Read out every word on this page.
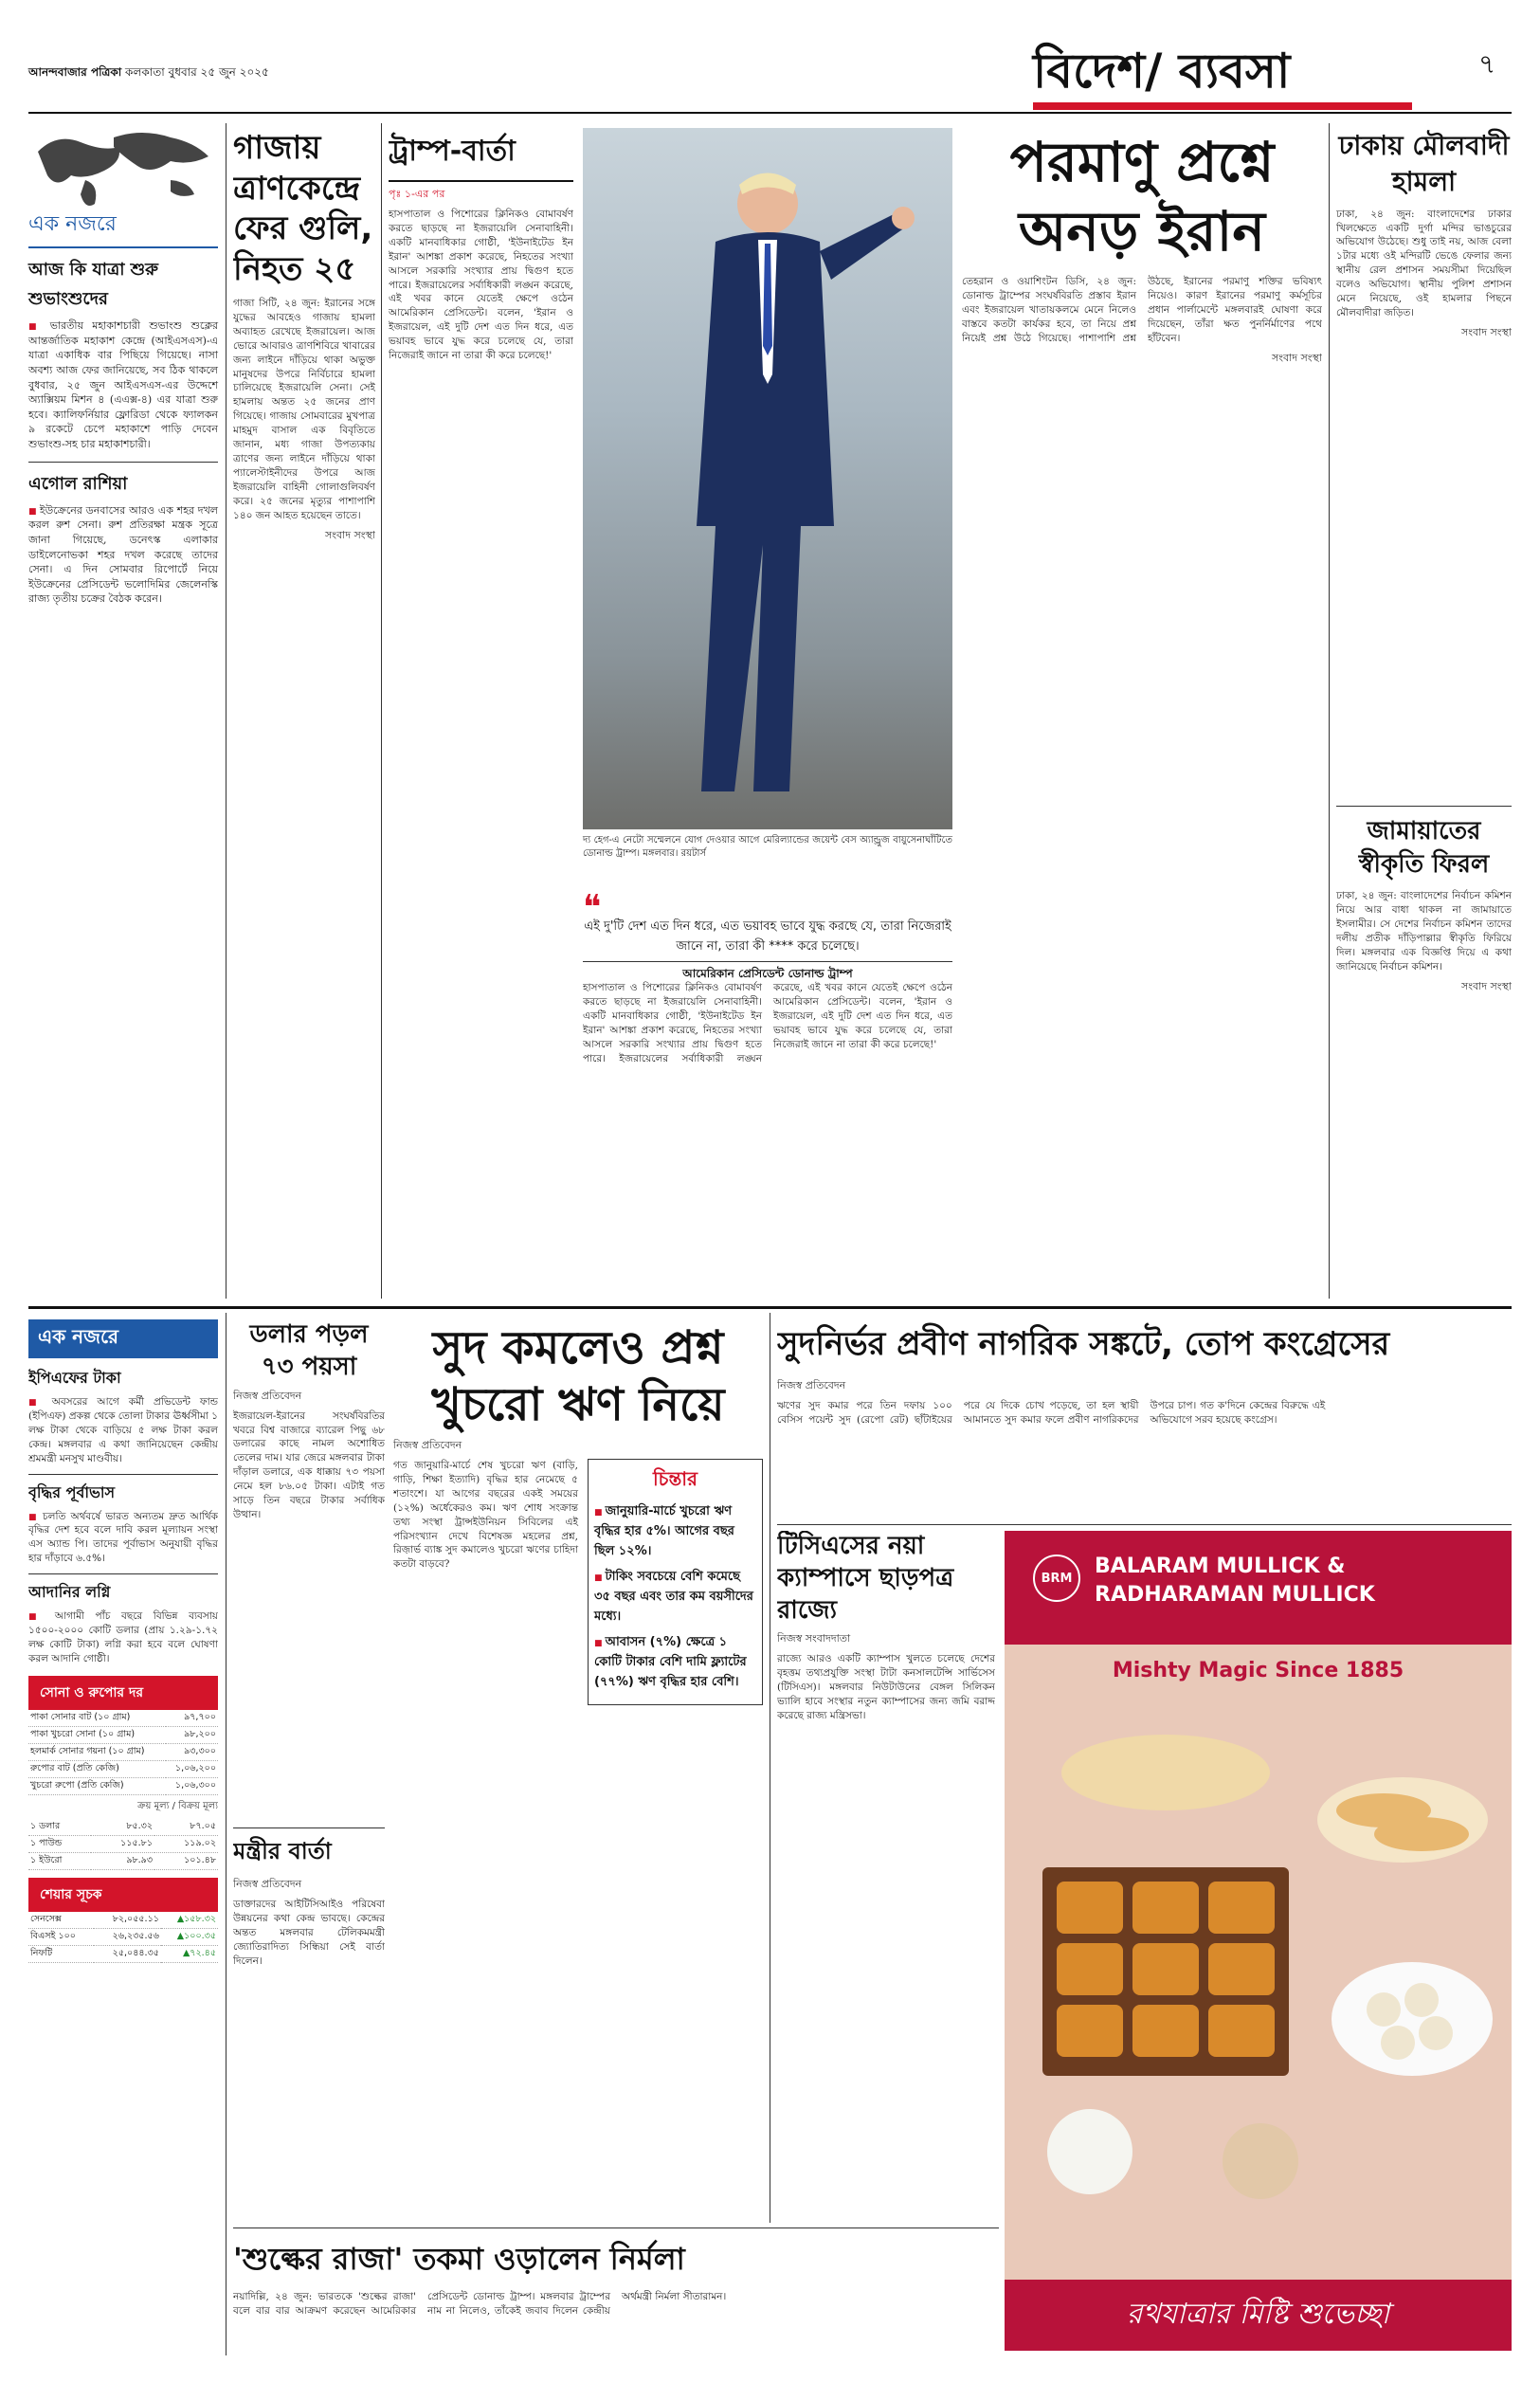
আনন্দবাজার পত্রিকা কলকাতা বুধবার ২৫ জুন ২০২৫	বিদেশ/ ব্যবসা	৭
এক নজরে
আজ কি যাত্রা শুরু শুভাংশুদের
■ ভারতীয় মহাকাশচারী শুভাংশু শুক্লের আন্তর্জাতিক মহাকাশ কেন্দ্রে (আইএসএস)-এ যাত্রা একাধিক বার পিছিয়ে গিয়েছে। নাসা অবশ্য আজ ফের জানিয়েছে, সব ঠিক থাকলে বুধবার, ২৫ জুন আইএসএস-এর উদ্দেশে অ্যাক্সিয়ম মিশন ৪ (এএক্স-৪) এর যাত্রা শুরু হবে। ক্যালিফর্নিয়ার ফ্লোরিডা থেকে ফ্যালকন ৯ রকেটে চেপে মহাকাশে পাড়ি দেবেন শুভাংশু-সহ চার মহাকাশচারী।
এগোল রাশিয়া
■ ইউক্রেনের ডনবাসের আরও এক শহর দখল করল রুশ সেনা। রুশ প্রতিরক্ষা মন্ত্রক সূত্রে জানা গিয়েছে, ডনেৎস্ক এলাকার ডাইলেনোভকা শহর দখল করেছে তাদের সেনা। এ দিন সোমবার রিপোর্টে নিয়ে ইউক্রেনের প্রেসিডেন্ট ভলোদিমির জেলেনস্কি রাজ্য তৃতীয় চক্রের বৈঠক করেন।
গাজায় ত্রাণকেন্দ্রে ফের গুলি, নিহত ২৫
গাজা সিটি, ২৪ জুন: ইরানের সঙ্গে যুদ্ধের আবহেও গাজায় হামলা অব্যাহত রেখেছে ইজরায়েল। আজ ভোরে আবারও ত্রাণশিবিরে খাবারের জন্য লাইনে দাঁড়িয়ে থাকা অভুক্ত মানুষদের উপরে নির্বিচারে হামলা চালিয়েছে ইজরায়েলি সেনা। সেই হামলায় অন্তত ২৫ জনের প্রাণ গিয়েছে। গাজায় সোমবারের মুখপাত্র মাহমুদ বাসাল এক বিবৃতিতে জানান, মধ্য গাজা উপত্যকায় ত্রাণের জন্য লাইনে দাঁড়িয়ে থাকা প্যালেস্টাইনীদের উপরে আজ ইজরায়েলি বাহিনী গোলাগুলিবর্ষণ করে। ২৫ জনের মৃত্যুর পাশাপাশি ১৪০ জন আহত হয়েছেন তাতে।
সংবাদ সংস্থা
ট্রাম্প-বার্তা
পৃঃ ১-এর পর
হাসপাতাল ও পিশোরের ক্লিনিকও বোমাবর্ষণ করতে ছাড়ছে না ইজরায়েলি সেনাবাহিনী। একটি মানবাধিকার গোষ্ঠী, 'ইউনাইটেড ইন ইরান' আশঙ্কা প্রকাশ করেছে, নিহতের সংখ্যা আসলে সরকারি সংখ্যার প্রায় দ্বিগুণ হতে পারে। ইজরায়েলের সর্বাধিকারী লঙ্ঘন করেছে, এই খবর কানে যেতেই ক্ষেপে ওঠেন আমেরিকান প্রেসিডেন্ট। বলেন, 'ইরান ও ইজরায়েল, এই দুটি দেশ এত দিন ধরে, এত ভয়াবহ ভাবে যুদ্ধ করে চলেছে যে, তারা নিজেরাই জানে না তারা কী করে চলেছে!'
দ্য হেগ-এ নেটো সম্মেলনে যোগ দেওয়ার আগে মেরিল্যান্ডের জয়েন্ট বেস অ্যান্ড্রুজ বায়ুসেনাঘাঁটিতে ডোনাল্ড ট্রাম্প। মঙ্গলবার। রয়টার্স
❝
এই দু'টি দেশ এত দিন ধরে, এত ভয়াবহ ভাবে যুদ্ধ করছে যে, তারা নিজেরাই জানে না, তারা কী **** করে চলেছে।
আমেরিকান প্রেসিডেন্ট ডোনাল্ড ট্রাম্প
হাসপাতাল ও পিশোরের ক্লিনিকও বোমাবর্ষণ করতে ছাড়ছে না ইজরায়েলি সেনাবাহিনী। একটি মানবাধিকার গোষ্ঠী, 'ইউনাইটেড ইন ইরান' আশঙ্কা প্রকাশ করেছে, নিহতের সংখ্যা আসলে সরকারি সংখ্যার প্রায় দ্বিগুণ হতে পারে। ইজরায়েলের সর্বাধিকারী লঙ্ঘন করেছে, এই খবর কানে যেতেই ক্ষেপে ওঠেন আমেরিকান প্রেসিডেন্ট। বলেন, 'ইরান ও ইজরায়েল, এই দুটি দেশ এত দিন ধরে, এত ভয়াবহ ভাবে যুদ্ধ করে চলেছে যে, তারা নিজেরাই জানে না তারা কী করে চলেছে!'
পরমাণু প্রশ্নে অনড় ইরান
তেহরান ও ওয়াশিংটন ডিসি, ২৪ জুন: ডোনাল্ড ট্রাম্পের সংঘর্ষবিরতি প্রস্তাব ইরান এবং ইজরায়েল খাতায়কলমে মেনে নিলেও বাস্তবে কতটা কার্যকর হবে, তা নিয়ে প্রশ্ন নিয়েই প্রশ্ন উঠে গিয়েছে। পাশাপাশি প্রশ্ন উঠছে, ইরানের পরমাণু শক্তির ভবিষ্যৎ নিয়েও। কারণ ইরানের পরমাণু কর্মসূচির প্রধান পার্লামেন্টে মঙ্গলবারই ঘোষণা করে দিয়েছেন, তাঁরা ক্ষত পুনর্নির্মাণের পথে হাঁটবেন।
সংবাদ সংস্থা
ঢাকায় মৌলবাদী হামলা
ঢাকা, ২৪ জুন: বাংলাদেশের ঢাকার খিলক্ষেতে একটি দুর্গা মন্দির ভাঙচুরের অভিযোগ উঠেছে। শুধু তাই নয়, আজ বেলা ১টার মধ্যে ওই মন্দিরটি ভেঙে ফেলার জন্য স্থানীয় রেল প্রশাসন সময়সীমা দিয়েছিল বলেও অভিযোগ। স্থানীয় পুলিশ প্রশাসন মেনে নিয়েছে, ওই হামলার পিছনে মৌলবাদীরা জড়িত।
সংবাদ সংস্থা
জামায়াতের স্বীকৃতি ফিরল
ঢাকা, ২৪ জুন: বাংলাদেশের নির্বাচন কমিশন নিয়ে আর বাধা থাকল না জামায়াতে ইসলামীর। সে দেশের নির্বাচন কমিশন তাদের দলীয় প্রতীক দাঁড়িপাল্লার স্বীকৃতি ফিরিয়ে দিল। মঙ্গলবার এক বিজ্ঞপ্তি দিয়ে এ কথা জানিয়েছে নির্বাচন কমিশন।
সংবাদ সংস্থা
এক নজরে
ইপিএফের টাকা
■ অবসরের আগে কর্মী প্রভিডেন্ট ফান্ড (ইপিএফ) প্রকল্প থেকে তোলা টাকার ঊর্ধ্বসীমা ১ লক্ষ টাকা থেকে বাড়িয়ে ৫ লক্ষ টাকা করল কেন্দ্র। মঙ্গলবার এ কথা জানিয়েছেন কেন্দ্রীয় শ্রমমন্ত্রী মনসুখ মাণ্ডবীয়।
বৃদ্ধির পূর্বাভাস
■ চলতি অর্থবর্ষে ভারত অন্যতম দ্রুত আর্থিক বৃদ্ধির দেশ হবে বলে দাবি করল মূল্যায়ন সংস্থা এস অ্যান্ড পি। তাদের পূর্বাভাস অনুযায়ী বৃদ্ধির হার দাঁড়াবে ৬.৫%।
আদানির লগ্নি
■ আগামী পাঁচ বছরে বিভিন্ন ব্যবসায় ১৫০০-২০০০ কোটি ডলার (প্রায় ১.২৯-১.৭২ লক্ষ কোটি টাকা) লগ্নি করা হবে বলে ঘোষণা করল আদানি গোষ্ঠী।
সোনা ও রুপোর দর
পাকা সোনার বাট (১০ গ্রাম)	৯৭,৭০০
পাকা খুচরো সোনা (১০ গ্রাম)	৯৮,২০০
হলমার্ক সোনার গয়না (১০ গ্রাম)	৯৩,৩০০
রুপোর বাট (প্রতি কেজি)	১,০৬,২০০
খুচরো রুপো (প্রতি কেজি)	১,০৬,৩০০
ক্রয় মূল্য / বিক্রয় মূল্য
১ ডলার	৮৫.৩২	৮৭.০৫
১ পাউন্ড	১১৫.৮১	১১৯.০২
১ ইউরো	৯৮.৯৩	১০১.৪৮
শেয়ার সূচক
সেনসেক্স	৮২,০৫৫.১১	▲১৫৮.৩২
বিএসই ১০০	২৬,২৩৫.৫৬	▲১০০.৩৫
নিফটি	২৫,০৪৪.৩৫	▲৭২.৪৫
ডলার পড়ল ৭৩ পয়সা
নিজস্ব প্রতিবেদন
ইজরায়েল-ইরানের সংঘর্ষবিরতির খবরে বিশ্ব বাজারে ব্যারেল পিছু ৬৮ ডলারের কাছে নামল অশোধিত তেলের দাম। যার জেরে মঙ্গলবার টাকা দাঁড়াল ডলারে, এক ধাক্কায় ৭৩ পয়সা নেমে হল ৮৬.০৫ টাকা। এটাই গত সাড়ে তিন বছরে টাকার সর্বাধিক উত্থান।
মন্ত্রীর বার্তা
নিজস্ব প্রতিবেদন
ডাক্তারদের আইটিসিআইও পরিষেবা উন্নয়নের কথা কেন্দ্র ভাবছে। কেন্দ্রের অন্তত মঙ্গলবার টেলিকমমন্ত্রী জ্যোতিরাদিত্য সিন্ধিয়া সেই বার্তা দিলেন।
সুদ কমলেও প্রশ্ন খুচরো ঋণ নিয়ে
নিজস্ব প্রতিবেদন
গত জানুয়ারি-মার্চে শেষ খুচরো ঋণ (বাড়ি, গাড়ি, শিক্ষা ইত্যাদি) বৃদ্ধির হার নেমেছে ৫ শতাংশে। যা আগের বছরের একই সময়ের (১২%) অর্ধেকেরও কম। ঋণ শোধ সংক্রান্ত তথ্য সংস্থা ট্রান্সইউনিয়ন সিবিলের এই পরিসংখ্যান দেখে বিশেষজ্ঞ মহলের প্রশ্ন, রিজ়ার্ভ ব্যাঙ্ক সুদ কমালেও খুচরো ঋণের চাহিদা কতটা বাড়বে?
চিন্তার
■ জানুয়ারি-মার্চে খুচরো ঋণ বৃদ্ধির হার ৫%। আগের বছর ছিল ১২%।
■ টাকিং সবচেয়ে বেশি কমেছে ৩৫ বছর এবং তার কম বয়সীদের মধ্যে।
■ আবাসন (৭%) ক্ষেত্রে ১ কোটি টাকার বেশি দামি ফ্ল্যাটের (৭৭%) ঋণ বৃদ্ধির হার বেশি।
সুদনির্ভর প্রবীণ নাগরিক সঙ্কটে, তোপ কংগ্রেসের
নিজস্ব প্রতিবেদন
ঋণের সুদ কমার পরে তিন দফায় ১০০ বেসিস পয়েন্ট সুদ (রেপো রেট) ছাঁটাইয়ের পরে যে দিকে চোখ পড়েছে, তা হল স্থায়ী আমানতে সুদ কমার ফলে প্রবীণ নাগরিকদের উপরে চাপ। গত ক'দিনে কেন্দ্রের বিরুদ্ধে এই অভিযোগে সরব হয়েছে কংগ্রেস।
টিসিএসের নয়া ক্যাম্পাসে ছাড়পত্র রাজ্যে
নিজস্ব সংবাদদাতা
রাজ্যে আরও একটি ক্যাম্পাস খুলতে চলেছে দেশের বৃহত্তম তথ্যপ্রযুক্তি সংস্থা টাটা কনসালটেন্সি সার্ভিসেস (টিসিএস)। মঙ্গলবার নিউটাউনের বেঙ্গল সিলিকন ভ্যালি হাবে সংস্থার নতুন ক্যাম্পাসের জন্য জমি বরাদ্দ করেছে রাজ্য মন্ত্রিসভা।
BRM	BALARAM MULLICK &
RADHARAMAN MULLICK
Mishty Magic Since 1885
রথযাত্রার মিষ্টি শুভেচ্ছা
'শুল্কের রাজা' তকমা ওড়ালেন নির্মলা
নয়াদিল্লি, ২৪ জুন: ভারতকে 'শুল্কের রাজা' বলে বার বার আক্রমণ করেছেন আমেরিকার প্রেসিডেন্ট ডোনাল্ড ট্রাম্প। মঙ্গলবার ট্রাম্পের নাম না নিলেও, তাঁকেই জবাব দিলেন কেন্দ্রীয় অর্থমন্ত্রী নির্মলা সীতারামন।
